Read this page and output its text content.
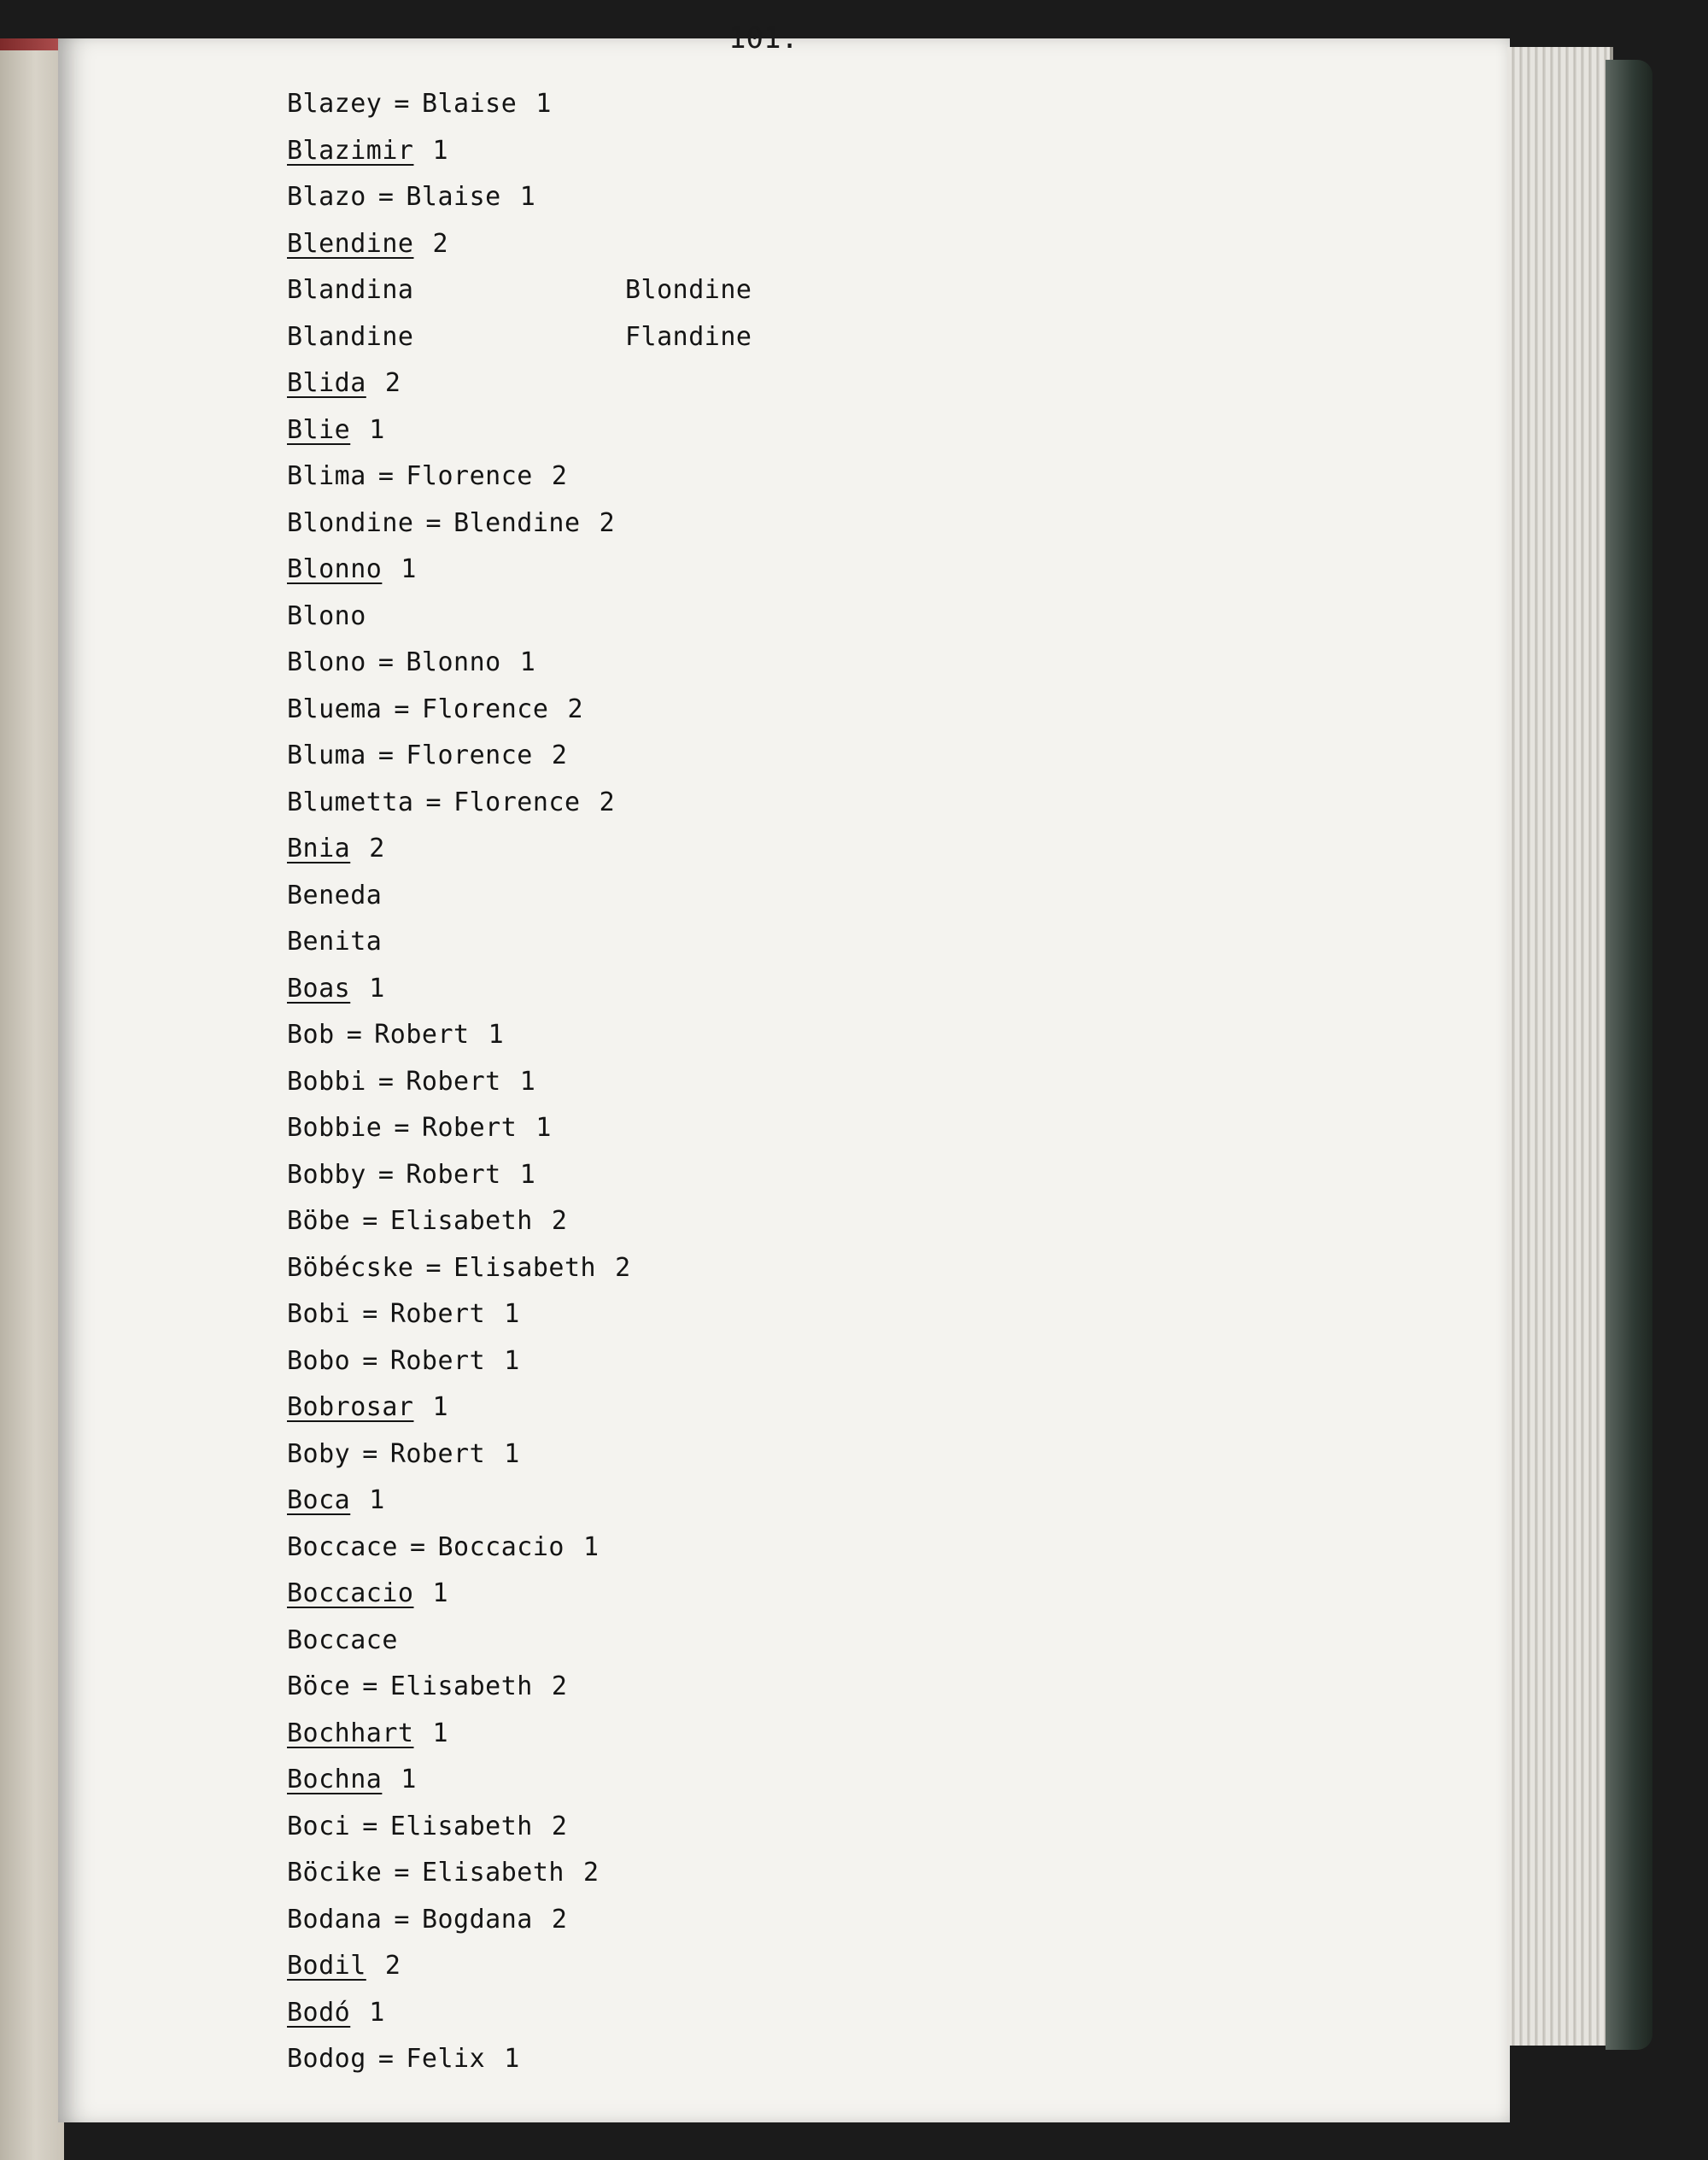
101.
Blazey = Blaise 1
Blazimir 1
Blazo = Blaise 1
Blendine 2
Blandina	Blondine
Blandine	Flandine
Blida 2
Blie 1
Blima = Florence 2
Blondine = Blendine 2
Blonno 1
Blono
Blono = Blonno 1
Bluema = Florence 2
Bluma = Florence 2
Blumetta = Florence 2
Bnia 2
Beneda
Benita
Boas 1
Bob = Robert 1
Bobbi = Robert 1
Bobbie = Robert 1
Bobby = Robert 1
Böbe = Elisabeth 2
Böbécske = Elisabeth 2
Bobi = Robert 1
Bobo = Robert 1
Bobrosar 1
Boby = Robert 1
Boca 1
Boccace = Boccacio 1
Boccacio 1
Boccace
Böce = Elisabeth 2
Bochhart 1
Bochna 1
Boci = Elisabeth 2
Böcike = Elisabeth 2
Bodana = Bogdana 2
Bodil 2
Bodó 1
Bodog = Felix 1
